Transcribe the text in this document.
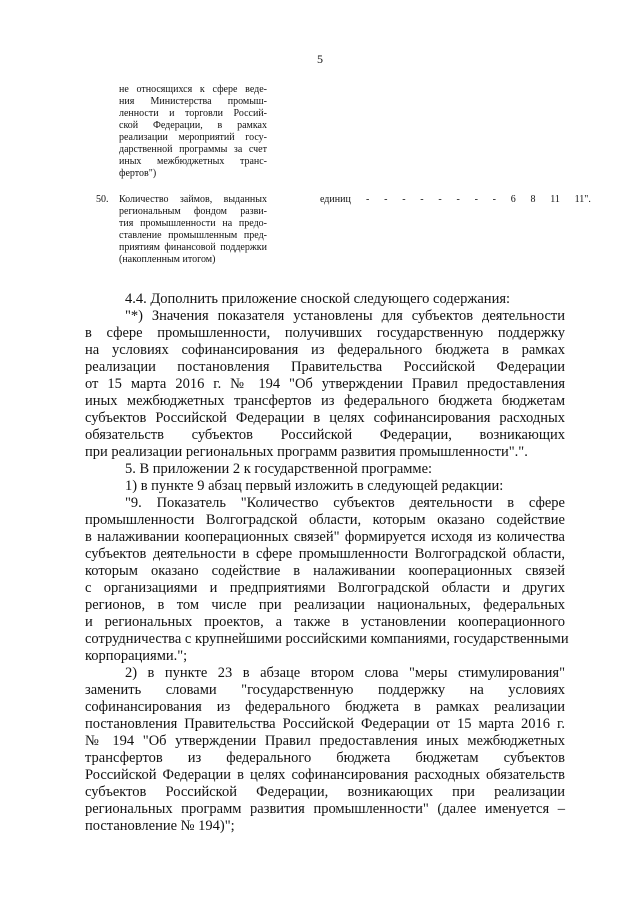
5
не относящихся к сфере веде-
ния Министерства промыш-
ленности и торговли Россий-
ской Федерации, в рамках
реализации мероприятий госу-
дарственной программы за счет
иных межбюджетных транс-
фертов")
50. Количество займов, выданных
региональным фондом разви-
тия промышленности на предо-
ставление промышленным пред-
приятиям финансовой поддержки
(накопленным итогом)
единиц - - - - - - - - 6 8 11 11".
4.4. Дополнить приложение сноской следующего содержания:
"*) Значения показателя установлены для субъектов деятельности
в сфере промышленности, получивших государственную поддержку
на условиях софинансирования из федерального бюджета в рамках
реализации постановления Правительства Российской Федерации
от 15 марта 2016 г. № 194 "Об утверждении Правил предоставления
иных межбюджетных трансфертов из федерального бюджета бюджетам
субъектов Российской Федерации в целях софинансирования расходных
обязательств субъектов Российской Федерации, возникающих
при реализации региональных программ развития промышленности".".
5. В приложении 2 к государственной программе:
1) в пункте 9 абзац первый изложить в следующей редакции:
"9. Показатель "Количество субъектов деятельности в сфере
промышленности Волгоградской области, которым оказано содействие
в налаживании кооперационных связей" формируется исходя из количества
субъектов деятельности в сфере промышленности Волгоградской области,
которым оказано содействие в налаживании кооперационных связей
с организациями и предприятиями Волгоградской области и других
регионов, в том числе при реализации национальных, федеральных
и региональных проектов, а также в установлении кооперационного
сотрудничества с крупнейшими российскими компаниями, государственными
корпорациями.";
2) в пункте 23 в абзаце втором слова "меры стимулирования"
заменить словами "государственную поддержку на условиях
софинансирования из федерального бюджета в рамках реализации
постановления Правительства Российской Федерации от 15 марта 2016 г.
№ 194 "Об утверждении Правил предоставления иных межбюджетных
трансфертов из федерального бюджета бюджетам субъектов
Российской Федерации в целях софинансирования расходных обязательств
субъектов Российской Федерации, возникающих при реализации
региональных программ развития промышленности" (далее именуется –
постановление № 194)";
